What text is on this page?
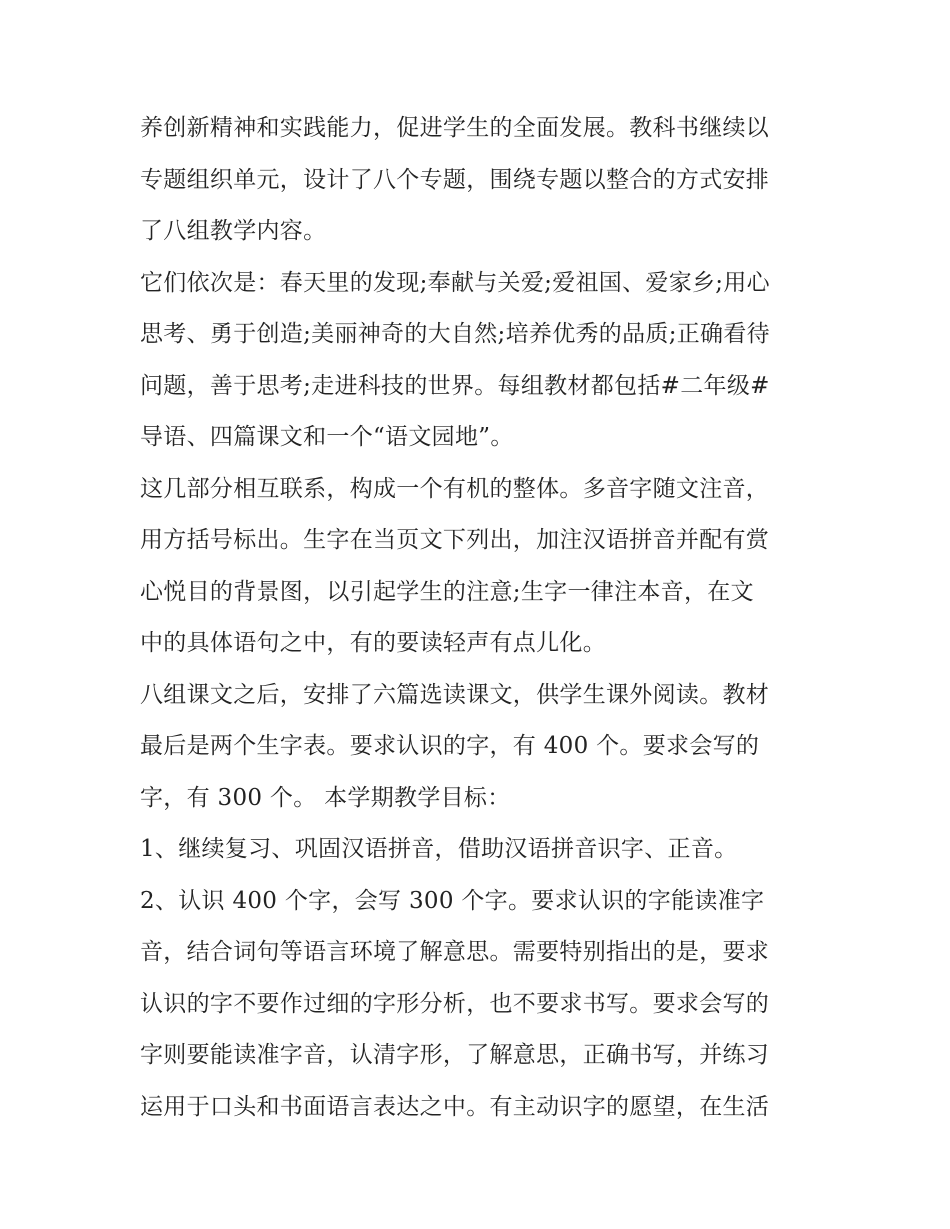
养创新精神和实践能力，促进学生的全面发展。教科书继续以
专题组织单元，设计了八个专题，围绕专题以整合的方式安排
了八组教学内容。
它们依次是：春天里的发现;奉献与关爱;爱祖国、爱家乡;用心
思考、勇于创造;美丽神奇的大自然;培养优秀的品质;正确看待
问题，善于思考;走进科技的世界。每组教材都包括#二年级#
导语、四篇课文和一个“语文园地”。
这几部分相互联系，构成一个有机的整体。多音字随文注音，
用方括号标出。生字在当页文下列出，加注汉语拼音并配有赏
心悦目的背景图，以引起学生的注意;生字一律注本音，在文
中的具体语句之中，有的要读轻声有点儿化。
八组课文之后，安排了六篇选读课文，供学生课外阅读。教材
最后是两个生字表。要求认识的字，有 400 个。要求会写的
字，有 300 个。 本学期教学目标：
1、继续复习、巩固汉语拼音，借助汉语拼音识字、正音。
2、认识 400 个字，会写 300 个字。要求认识的字能读准字
音，结合词句等语言环境了解意思。需要特别指出的是，要求
认识的字不要作过细的字形分析，也不要求书写。要求会写的
字则要能读准字音，认清字形，了解意思，正确书写，并练习
运用于口头和书面语言表达之中。有主动识字的愿望，在生活
